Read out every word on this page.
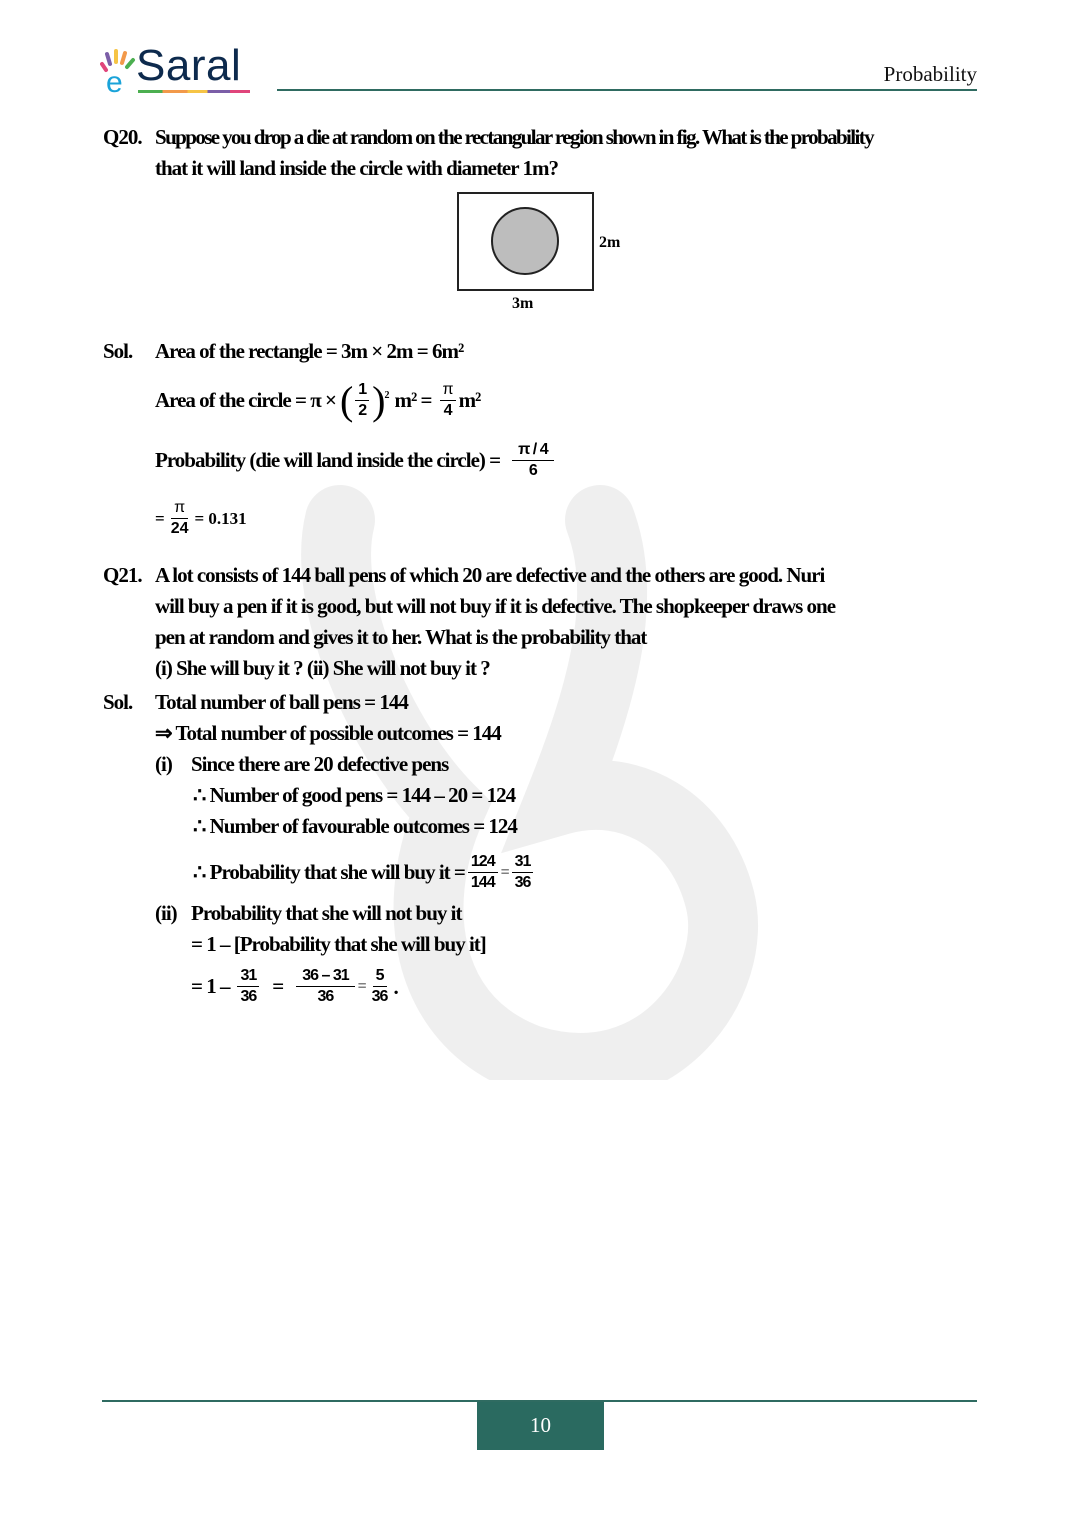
e Saral	Probability
Q20. Suppose you drop a die at random on the rectangular region shown in fig. What is the probability
that it will land inside the circle with diameter 1m?
2m
3m
Sol. Area of the rectangle = 3m × 2m = 6m²
Area of the circle = π × ( $\frac{1}{2}$ ) 2 $m^2 = \frac{\pi}{4} m^2$
Probability (die will land inside the circle) = $\frac{\pi / 4}{6}$
= $\frac{\pi}{24} = 0.131$
Q21. A lot consists of 144 ball pens of which 20 are defective and the others are good. Nuri
will buy a pen if it is good, but will not buy if it is defective. The shopkeeper draws one
pen at random and gives it to her. What is the probability that
(i) She will buy it ? (ii) She will not buy it ?
Sol. Total number of ball pens = 144
⇒ Total number of possible outcomes = 144
(i) Since there are 20 defective pens
∴ Number of good pens = 144 – 20 = 124
∴ Number of favourable outcomes = 124
∴ Probability that she will buy it = $\frac{124}{144} = \frac{31}{36}$
(ii) Probability that she will not buy it
= 1 – [Probability that she will buy it]
= $1 - \frac{31}{36} = \frac{36 - 31}{36} = \frac{5}{36}$ .
10
